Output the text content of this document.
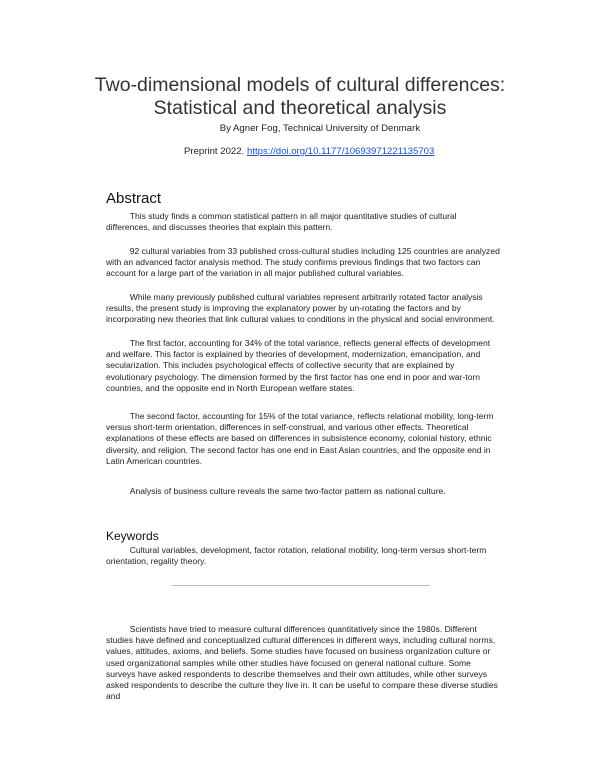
Two-dimensional models of cultural differences:
Statistical and theoretical analysis
By Agner Fog, Technical University of Denmark
Preprint 2022. https://doi.org/10.1177/10693971221135703
Abstract

This study finds a common statistical pattern in all major quantitative studies of cultural differences, and discusses theories that explain this pattern.

92 cultural variables from 33 published cross-cultural studies including 125 countries are analyzed with an advanced factor analysis method. The study confirms previous findings that two factors can account for a large part of the variation in all major published cultural variables.

While many previously published cultural variables represent arbitrarily rotated factor analysis results, the present study is improving the explanatory power by un-rotating the factors and by incorporating new theories that link cultural values to conditions in the physical and social environment.

The first factor, accounting for 34% of the total variance, reflects general effects of development and welfare. This factor is explained by theories of development, modernization, emancipation, and secularization. This includes psychological effects of collective security that are explained by evolutionary psychology. The dimension formed by the first factor has one end in poor and war-torn countries, and the opposite end in North European welfare states.

The second factor, accounting for 15% of the total variance, reflects relational mobility, long-term versus short-term orientation, differences in self-construal, and various other effects. Theoretical explanations of these effects are based on differences in subsistence economy, colonial history, ethnic diversity, and religion. The second factor has one end in East Asian countries, and the opposite end in Latin American countries.

Analysis of business culture reveals the same two-factor pattern as national culture.

Keywords

Cultural variables, development, factor rotation, relational mobility, long-term versus short-term orientation, regality theory.

Scientists have tried to measure cultural differences quantitatively since the 1980s. Different studies have defined and conceptualized cultural differences in different ways, including cultural norms, values, attitudes, axioms, and beliefs. Some studies have focused on business organization culture or used organizational samples while other studies have focused on general national culture. Some surveys have asked respondents to describe themselves and their own attitudes, while other surveys asked respondents to describe the culture they live in. It can be useful to compare these diverse studies and
